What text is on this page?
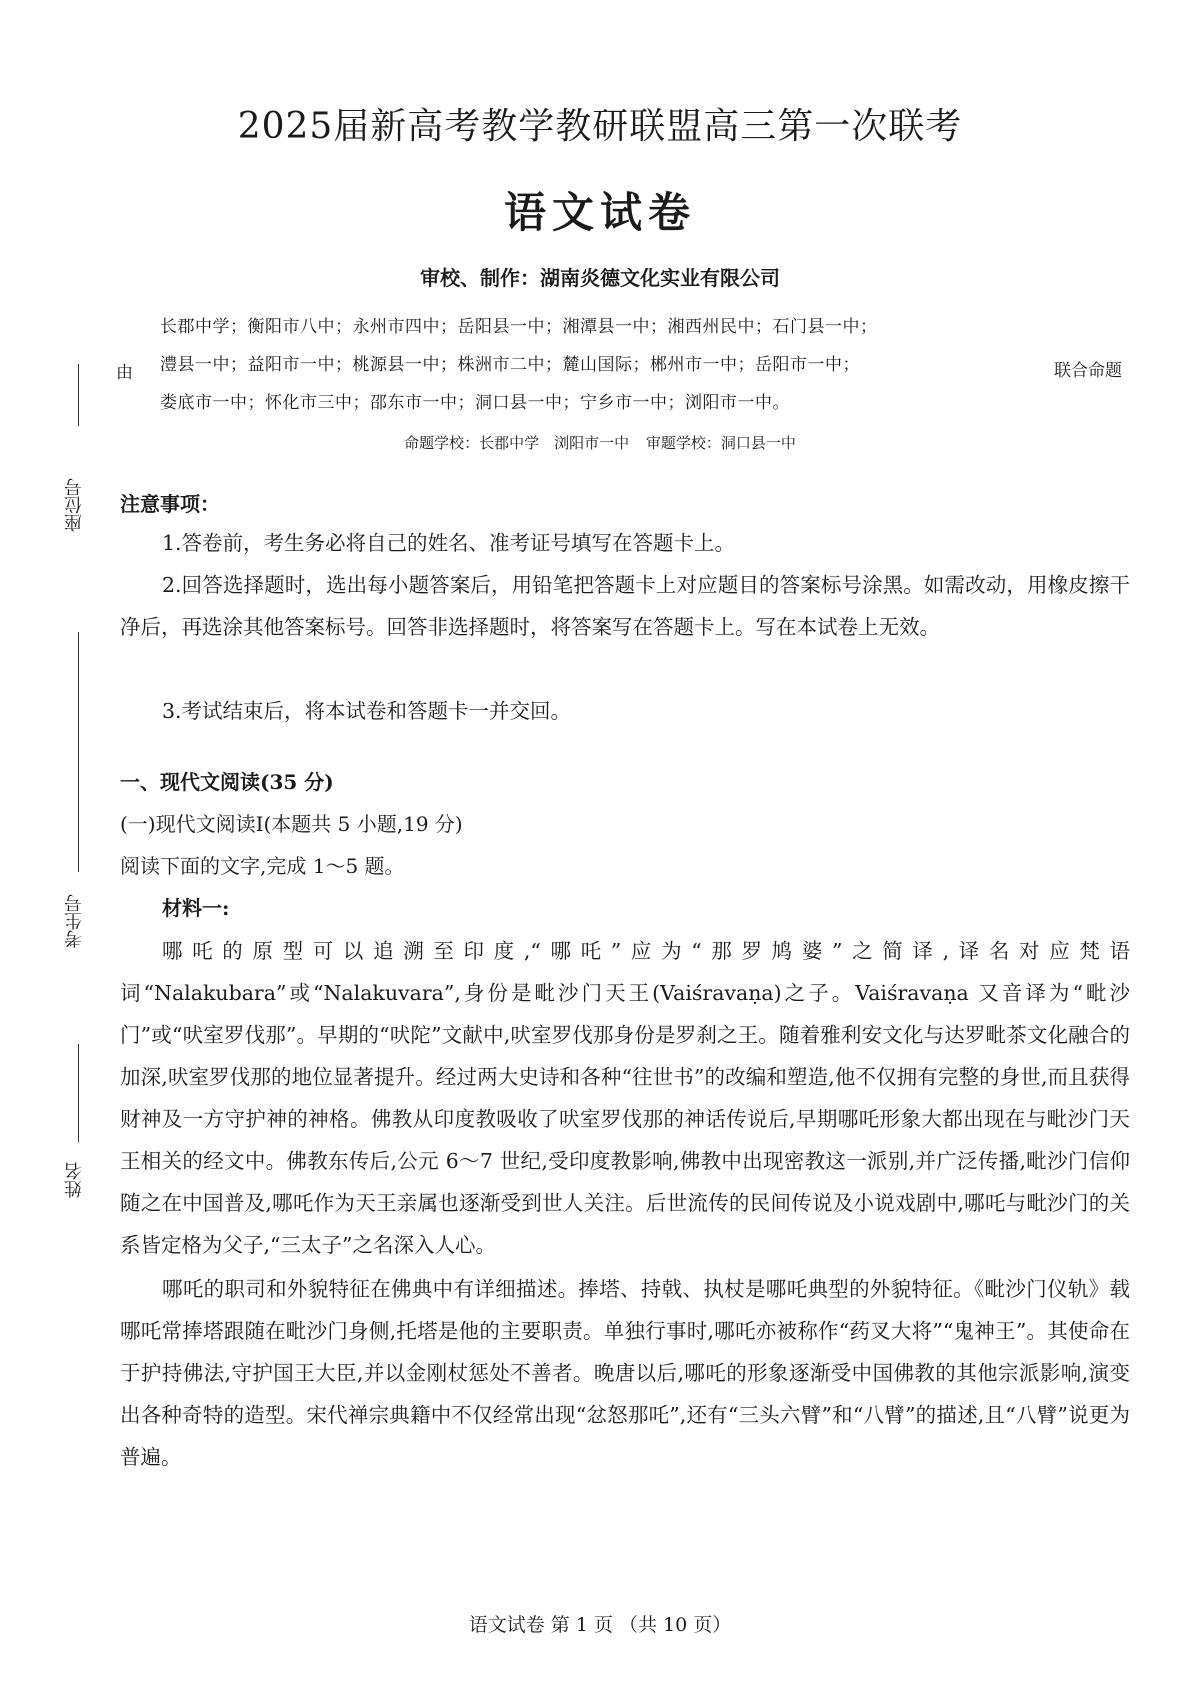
2025届新高考教学教研联盟高三第一次联考
语文试卷
审校、制作：湖南炎德文化实业有限公司
由
长郡中学；衡阳市八中；永州市四中；岳阳县一中；湘潭县一中；湘西州民中；石门县一中；
澧县一中；益阳市一中；桃源县一中；株洲市二中；麓山国际；郴州市一中；岳阳市一中；
娄底市一中；怀化市三中；邵东市一中；洞口县一中；宁乡市一中；浏阳市一中。
联合命题
命题学校：长郡中学　浏阳市一中 审题学校：洞口县一中
座位号
考生号
姓名
注意事项：
1.答卷前，考生务必将自己的姓名、准考证号填写在答题卡上。
2.回答选择题时，选出每小题答案后，用铅笔把答题卡上对应题目的答案标号涂黑。如需改动，用橡皮擦干净后，再选涂其他答案标号。回答非选择题时，将答案写在答题卡上。写在本试卷上无效。
3.考试结束后，将本试卷和答题卡一并交回。
一、现代文阅读(35 分)
(一)现代文阅读Ⅰ(本题共 5 小题,19 分)
阅读下面的文字,完成 1～5 题。
材料一:
哪吒的原型可以追溯至印度,“哪吒”应为“那罗鸠婆”之简译,译名对应梵语词“Nalakubara”或“Nalakuvara”,身份是毗沙门天王(Vaiśravaṇa)之子。Vaiśravaṇa 又音译为“毗沙门”或“吠室罗伐那”。早期的“吠陀”文献中,吠室罗伐那身份是罗刹之王。随着雅利安文化与达罗毗茶文化融合的加深,吠室罗伐那的地位显著提升。经过两大史诗和各种“往世书”的改编和塑造,他不仅拥有完整的身世,而且获得财神及一方守护神的神格。佛教从印度教吸收了吠室罗伐那的神话传说后,早期哪吒形象大都出现在与毗沙门天王相关的经文中。佛教东传后,公元 6～7 世纪,受印度教影响,佛教中出现密教这一派别,并广泛传播,毗沙门信仰随之在中国普及,哪吒作为天王亲属也逐渐受到世人关注。后世流传的民间传说及小说戏剧中,哪吒与毗沙门的关系皆定格为父子,“三太子”之名深入人心。
哪吒的职司和外貌特征在佛典中有详细描述。捧塔、持戟、执杖是哪吒典型的外貌特征。《毗沙门仪轨》载哪吒常捧塔跟随在毗沙门身侧,托塔是他的主要职责。单独行事时,哪吒亦被称作“药叉大将”“鬼神王”。其使命在于护持佛法,守护国王大臣,并以金刚杖惩处不善者。晚唐以后,哪吒的形象逐渐受中国佛教的其他宗派影响,演变出各种奇特的造型。宋代禅宗典籍中不仅经常出现“忿怒那吒”,还有“三头六臂”和“八臂”的描述,且“八臂”说更为普遍。
语文试卷 第 1 页 （共 10 页）
